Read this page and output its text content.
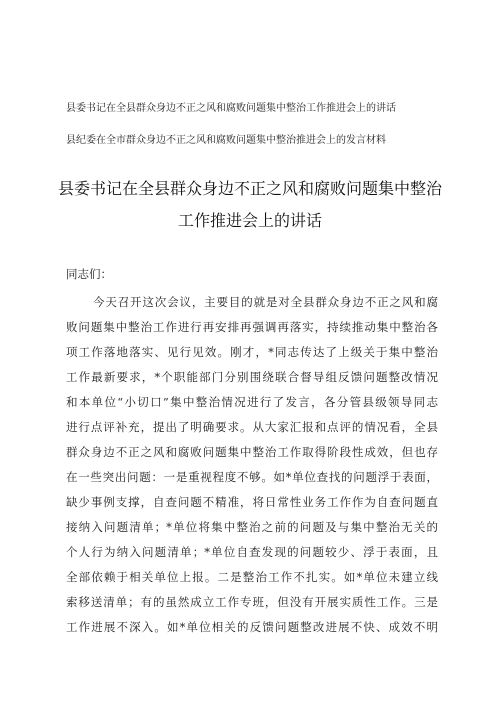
县委书记在全县群众身边不正之风和腐败问题集中整治工作推进会上的讲话
县纪委在全市群众身边不正之风和腐败问题集中整治推进会上的发言材料
县委书记在全县群众身边不正之风和腐败问题集中整治
工作推进会上的讲话
同志们：
今天召开这次会议，主要目的就是对全县群众身边不正之风和腐
败问题集中整治工作进行再安排再强调再落实，持续推动集中整治各
项工作落地落实、见行见效。刚才，*同志传达了上级关于集中整治
工作最新要求，*个职能部门分别围绕联合督导组反馈问题整改情况
和本单位“小切口”集中整治情况进行了发言，各分管县级领导同志
进行点评补充，提出了明确要求。从大家汇报和点评的情况看，全县
群众身边不正之风和腐败问题集中整治工作取得阶段性成效，但也存
在一些突出问题：一是重视程度不够。如*单位查找的问题浮于表面，
缺少事例支撑，自查问题不精准，将日常性业务工作作为自查问题直
接纳入问题清单；*单位将集中整治之前的问题及与集中整治无关的
个人行为纳入问题清单；*单位自查发现的问题较少、浮于表面，且
全部依赖于相关单位上报。二是整治工作不扎实。如*单位未建立线
索移送清单；有的虽然成立工作专班，但没有开展实质性工作。三是
工作进展不深入。如*单位相关的反馈问题整改进展不快、成效不明
